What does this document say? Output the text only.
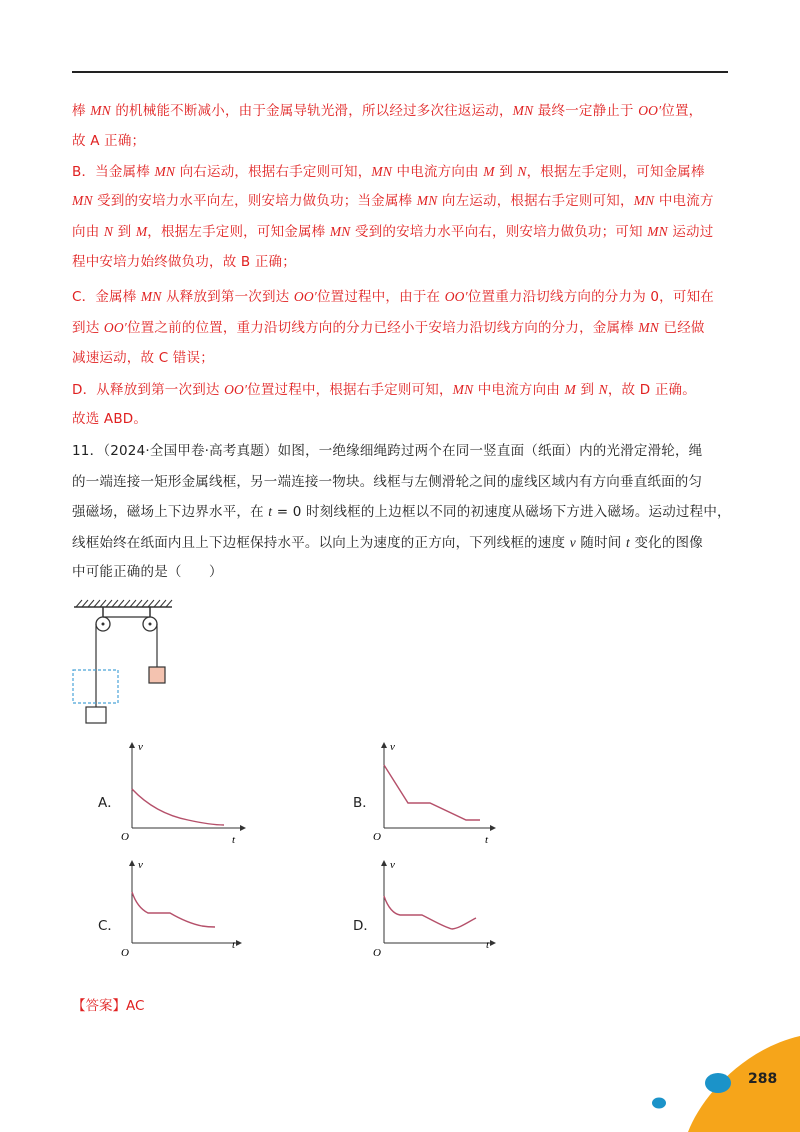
棒 MN 的机械能不断减小，由于金属导轨光滑，所以经过多次往返运动，MN 最终一定静止于 OO′位置，
故 A 正确；
B．当金属棒 MN 向右运动，根据右手定则可知，MN 中电流方向由 M 到 N，根据左手定则，可知金属棒
MN 受到的安培力水平向左，则安培力做负功；当金属棒 MN 向左运动，根据右手定则可知，MN 中电流方
向由 N 到 M，根据左手定则，可知金属棒 MN 受到的安培力水平向右，则安培力做负功；可知 MN 运动过
程中安培力始终做负功，故 B 正确；
C．金属棒 MN 从释放到第一次到达 OO′位置过程中，由于在 OO′位置重力沿切线方向的分力为 0，可知在
到达 OO′位置之前的位置，重力沿切线方向的分力已经小于安培力沿切线方向的分力，金属棒 MN 已经做
减速运动，故 C 错误；
D．从释放到第一次到达 OO′位置过程中，根据右手定则可知，MN 中电流方向由 M 到 N，故 D 正确。
故选 ABD。
11．（2024·全国甲卷·高考真题）如图，一绝缘细绳跨过两个在同一竖直面（纸面）内的光滑定滑轮，绳
的一端连接一矩形金属线框，另一端连接一物块。线框与左侧滑轮之间的虚线区域内有方向垂直纸面的匀
强磁场，磁场上下边界水平，在 t = 0 时刻线框的上边框以不同的初速度从磁场下方进入磁场。运动过程中，
线框始终在纸面内且上下边框保持水平。以向上为速度的正方向，下列线框的速度 v 随时间 t 变化的图像
中可能正确的是（　　）
A．	B．
C．	D．
v
t
O
v
t
O
v
t
O
v
t
O
【答案】AC
288
